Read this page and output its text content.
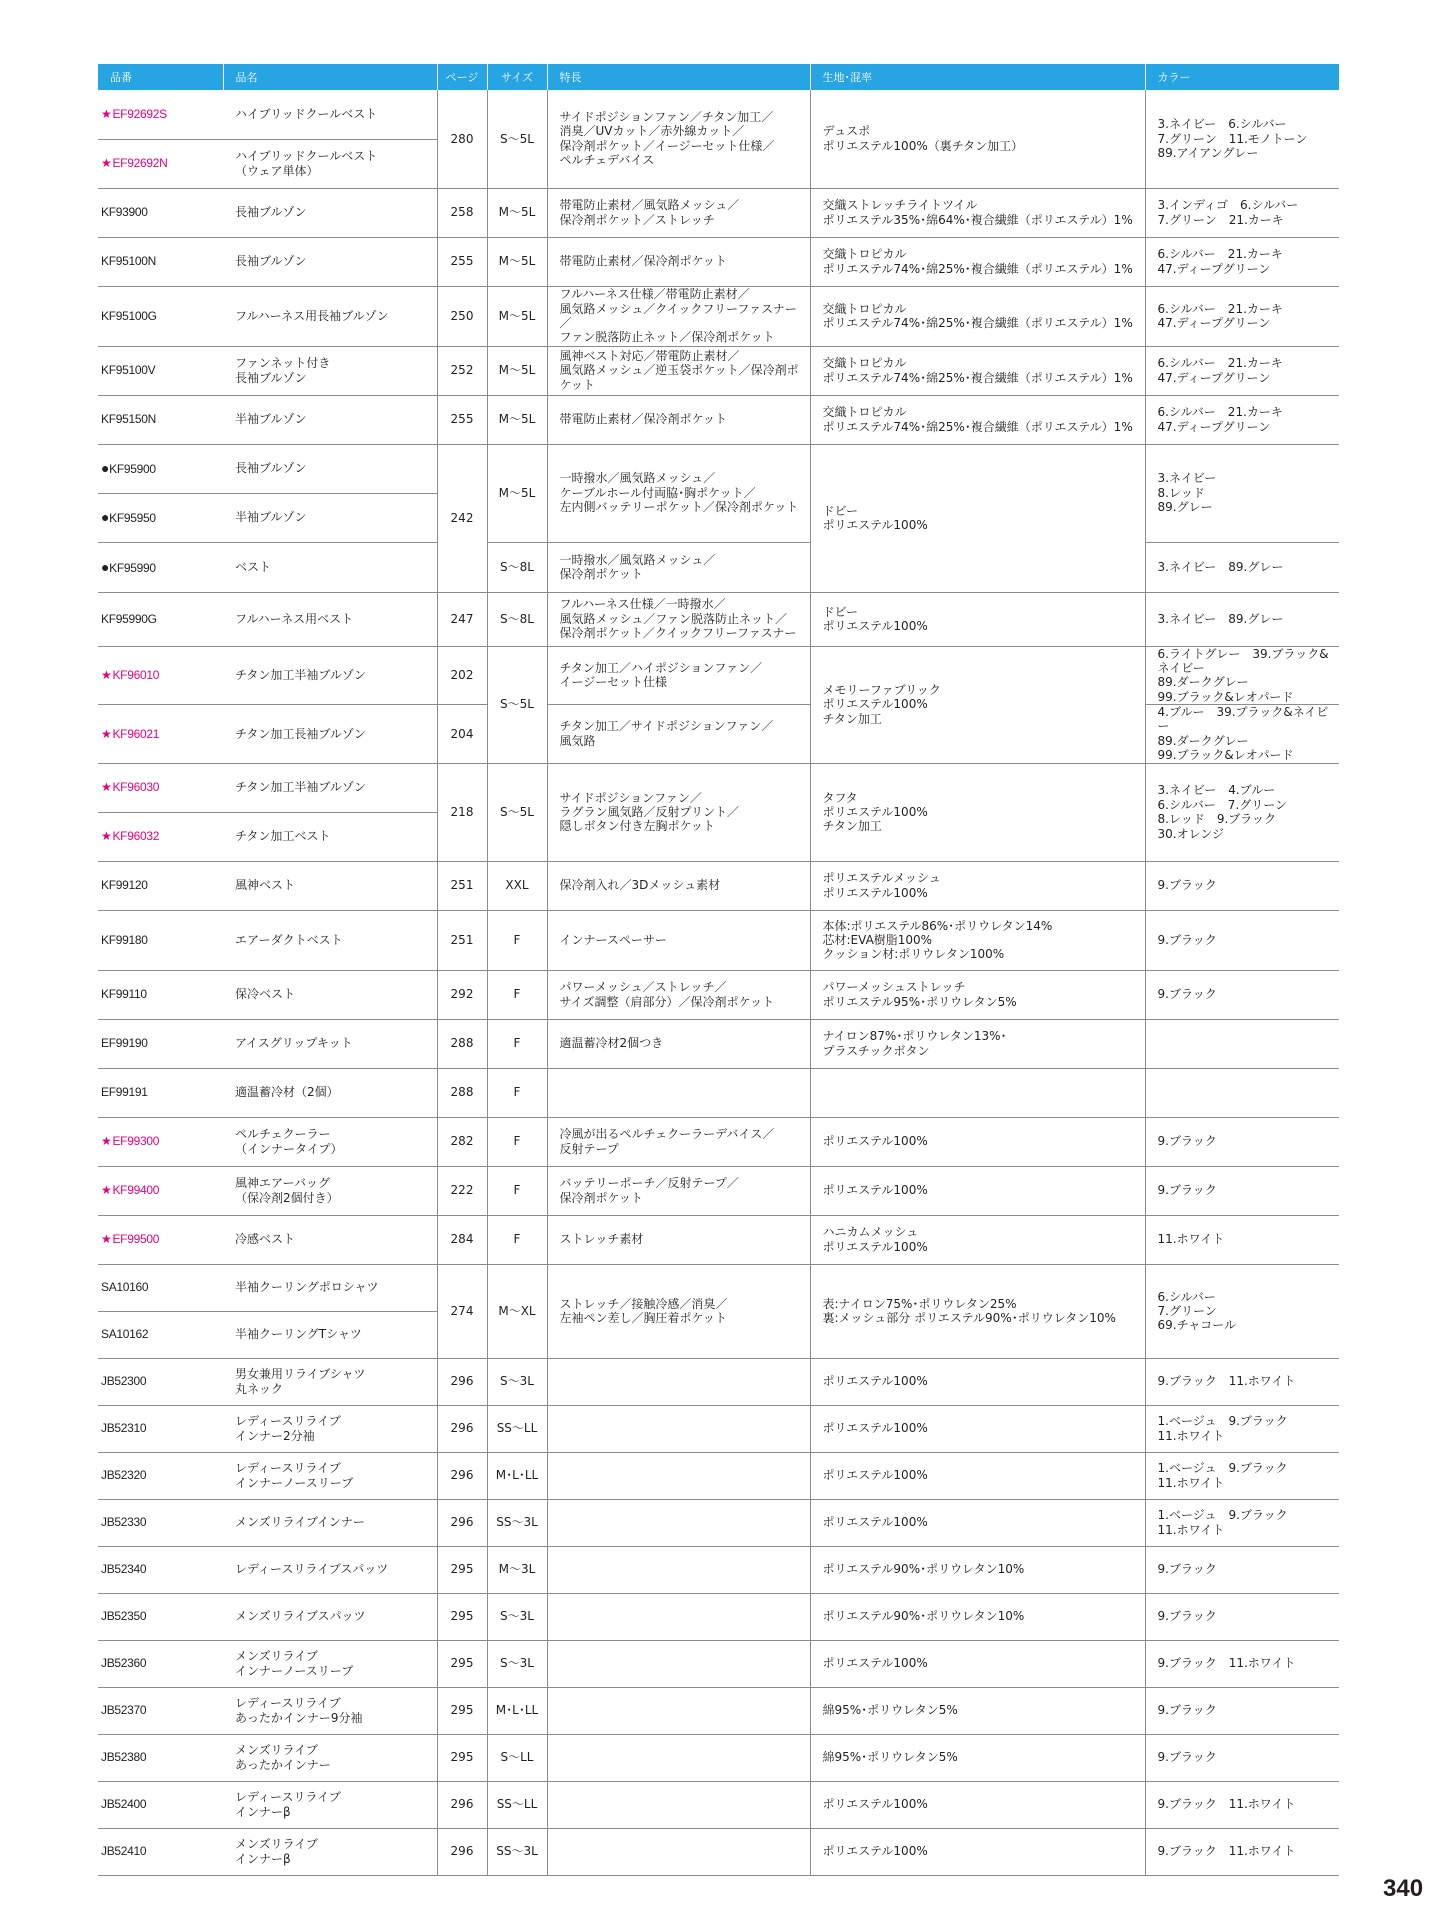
品番	品名	ページ	サイズ	特長	生地･混率	カラー
★EF92692S	ハイブリッドクールベスト	280	S～5L	サイドポジションファン／チタン加工／
消臭／UVカット／赤外線カット／
保冷剤ポケット／イージーセット仕様／
ペルチェデバイス	デュスポ
ポリエステル100%（裏チタン加工）	3.ネイビー　6.シルバー
7.グリーン　11.モノトーン
89.アイアングレー
★EF92692N	ハイブリッドクールベスト
（ウェア単体）					
KF93900	長袖ブルゾン	258	M～5L	帯電防止素材／風気路メッシュ／
保冷剤ポケット／ストレッチ	交織ストレッチライトツイル
ポリエステル35%･綿64%･複合繊維（ポリエステル）1%	3.インディゴ　6.シルバー
7.グリーン　21.カーキ
KF95100N	長袖ブルゾン	255	M～5L	帯電防止素材／保冷剤ポケット	交織トロピカル
ポリエステル74%･綿25%･複合繊維（ポリエステル）1%	6.シルバー　21.カーキ
47.ディープグリーン
KF95100G	フルハーネス用長袖ブルゾン	250	M～5L	フルハーネス仕様／帯電防止素材／
風気路メッシュ／クイックフリーファスナー／
ファン脱落防止ネット／保冷剤ポケット	交織トロピカル
ポリエステル74%･綿25%･複合繊維（ポリエステル）1%	6.シルバー　21.カーキ
47.ディープグリーン
KF95100V	ファンネット付き
長袖ブルゾン	252	M～5L	風神ベスト対応／帯電防止素材／
風気路メッシュ／逆玉袋ポケット／保冷剤ポケット	交織トロピカル
ポリエステル74%･綿25%･複合繊維（ポリエステル）1%	6.シルバー　21.カーキ
47.ディープグリーン
KF95150N	半袖ブルゾン	255	M～5L	帯電防止素材／保冷剤ポケット	交織トロピカル
ポリエステル74%･綿25%･複合繊維（ポリエステル）1%	6.シルバー　21.カーキ
47.ディープグリーン
●KF95900	長袖ブルゾン	242	M～5L	一時撥水／風気路メッシュ／
ケーブルホール付両脇･胸ポケット／
左内側バッテリーポケット／保冷剤ポケット	ドビー
ポリエステル100%	3.ネイビー
8.レッド
89.グレー
●KF95950	半袖ブルゾン					
●KF95990	ベスト		S～8L	一時撥水／風気路メッシュ／
保冷剤ポケット		3.ネイビー　89.グレー
KF95990G	フルハーネス用ベスト	247	S～8L	フルハーネス仕様／一時撥水／
風気路メッシュ／ファン脱落防止ネット／
保冷剤ポケット／クイックフリーファスナー	ドビー
ポリエステル100%	3.ネイビー　89.グレー
★KF96010	チタン加工半袖ブルゾン	202	S～5L	チタン加工／ハイポジションファン／
イージーセット仕様	メモリーファブリック
ポリエステル100%
チタン加工	6.ライトグレー　39.ブラック&ネイビー
89.ダークグレー
99.ブラック&レオパード
★KF96021	チタン加工長袖ブルゾン	204		チタン加工／サイドポジションファン／
風気路		4.ブルー　39.ブラック&ネイビー
89.ダークグレー
99.ブラック&レオパード
★KF96030	チタン加工半袖ブルゾン	218	S～5L	サイドポジションファン／
ラグラン風気路／反射プリント／
隠しボタン付き左胸ポケット	タフタ
ポリエステル100%
チタン加工	3.ネイビー　4.ブルー
6.シルバー　7.グリーン
8.レッド　9.ブラック
30.オレンジ
★KF96032	チタン加工ベスト					
KF99120	風神ベスト	251	XXL	保冷剤入れ／3Dメッシュ素材	ポリエステルメッシュ
ポリエステル100%	9.ブラック
KF99180	エアーダクトベスト	251	F	インナースペーサー	本体:ポリエステル86%･ポリウレタン14%
芯材:EVA樹脂100%
クッション材:ポリウレタン100%	9.ブラック
KF99110	保冷ベスト	292	F	パワーメッシュ／ストレッチ／
サイズ調整（肩部分）／保冷剤ポケット	パワーメッシュストレッチ
ポリエステル95%･ポリウレタン5%	9.ブラック
EF99190	アイスグリップキット	288	F	適温蓄冷材2個つき	ナイロン87%･ポリウレタン13%･
プラスチックボタン	
EF99191	適温蓄冷材（2個）	288	F			
★EF99300	ペルチェクーラー
（インナータイプ）	282	F	冷風が出るペルチェクーラーデバイス／
反射テープ	ポリエステル100%	9.ブラック
★KF99400	風神エアーバッグ
（保冷剤2個付き）	222	F	バッテリーポーチ／反射テープ／
保冷剤ポケット	ポリエステル100%	9.ブラック
★EF99500	冷感ベスト	284	F	ストレッチ素材	ハニカムメッシュ
ポリエステル100%	11.ホワイト
SA10160	半袖クーリングポロシャツ	274	M～XL	ストレッチ／接触冷感／消臭／
左袖ペン差し／胸圧着ポケット	表:ナイロン75%･ポリウレタン25%
裏:メッシュ部分 ポリエステル90%･ポリウレタン10%	6.シルバー
7.グリーン
69.チャコール
SA10162	半袖クーリングTシャツ					
JB52300	男女兼用リライブシャツ
丸ネック	296	S～3L		ポリエステル100%	9.ブラック　11.ホワイト
JB52310	レディースリライブ
インナー2分袖	296	SS～LL		ポリエステル100%	1.ベージュ　9.ブラック
11.ホワイト
JB52320	レディースリライブ
インナーノースリーブ	296	M･L･LL		ポリエステル100%	1.ベージュ　9.ブラック
11.ホワイト
JB52330	メンズリライブインナー	296	SS～3L		ポリエステル100%	1.ベージュ　9.ブラック
11.ホワイト
JB52340	レディースリライブスパッツ	295	M～3L		ポリエステル90%･ポリウレタン10%	9.ブラック
JB52350	メンズリライブスパッツ	295	S～3L		ポリエステル90%･ポリウレタン10%	9.ブラック
JB52360	メンズリライブ
インナーノースリーブ	295	S～3L		ポリエステル100%	9.ブラック　11.ホワイト
JB52370	レディースリライブ
あったかインナー9分袖	295	M･L･LL		綿95%･ポリウレタン5%	9.ブラック
JB52380	メンズリライブ
あったかインナー	295	S～LL		綿95%･ポリウレタン5%	9.ブラック
JB52400	レディースリライブ
インナーβ	296	SS～LL		ポリエステル100%	9.ブラック　11.ホワイト
JB52410	メンズリライブ
インナーβ	296	SS～3L		ポリエステル100%	9.ブラック　11.ホワイト
340
